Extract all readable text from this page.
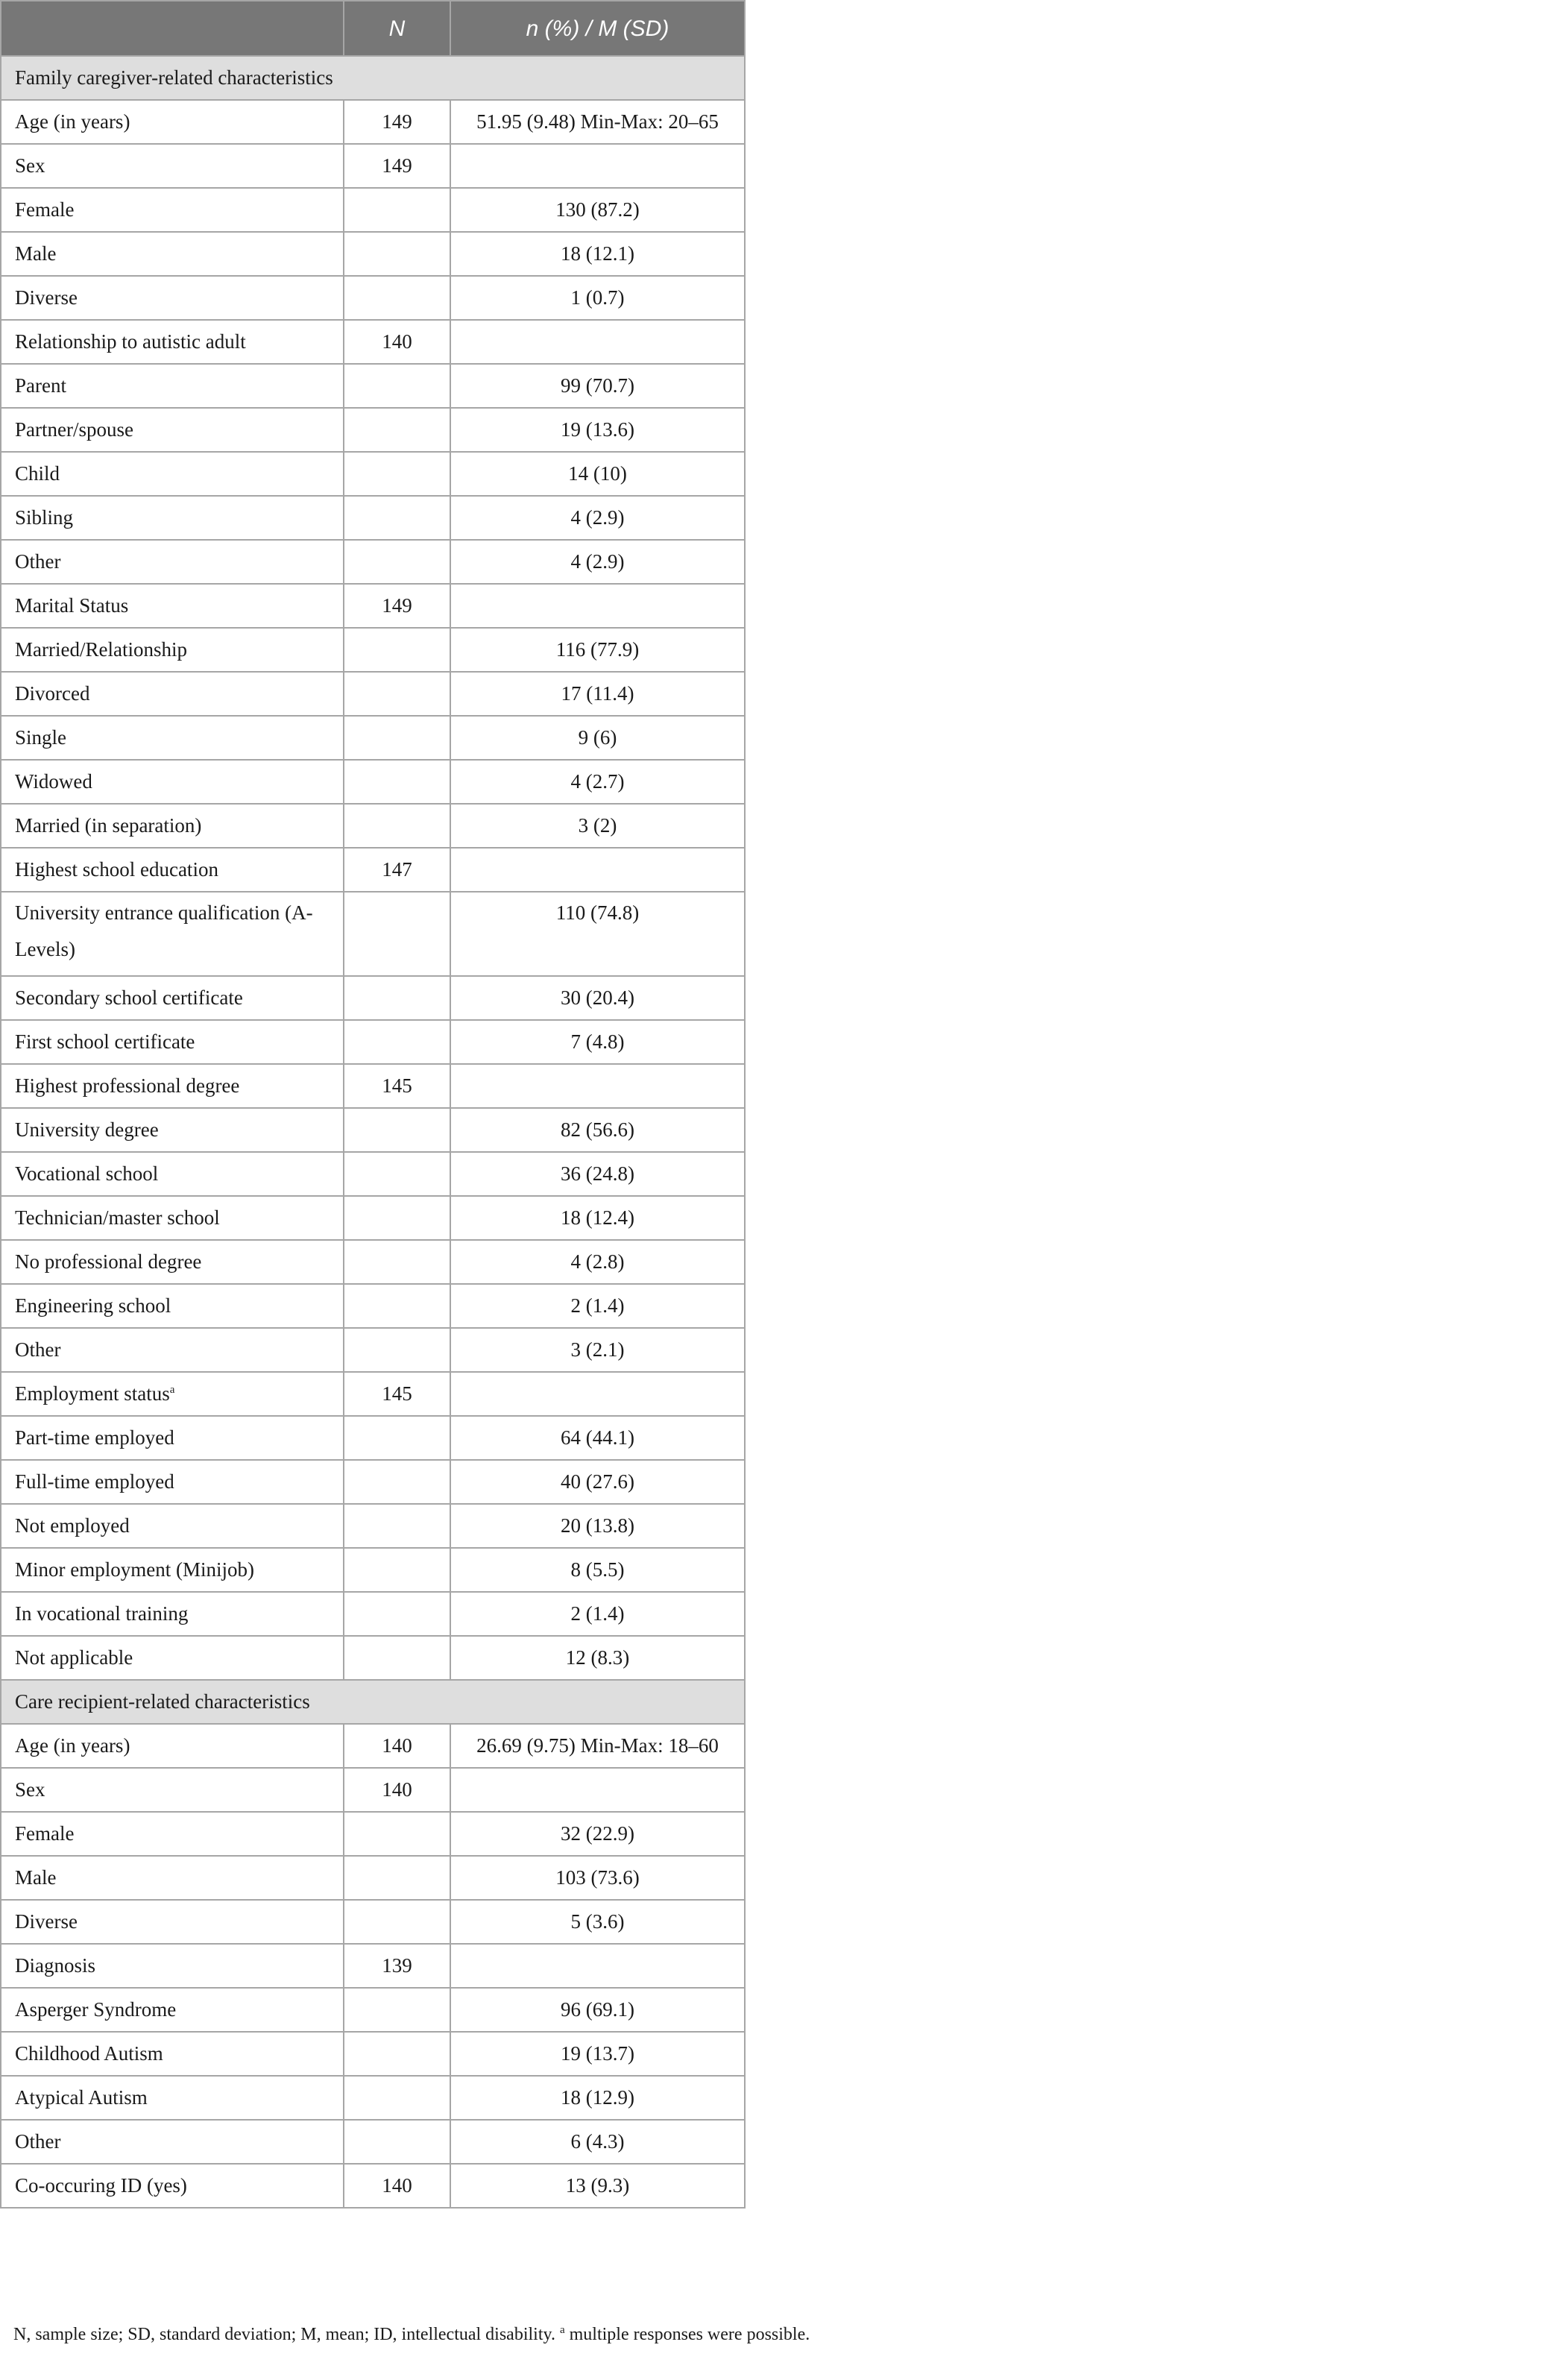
	N	n (%) / M (SD)
Family caregiver-related characteristics		
Age (in years)	149	51.95 (9.48) Min-Max: 20–65
Sex	149	
Female		130 (87.2)
Male		18 (12.1)
Diverse		1 (0.7)
Relationship to autistic adult	140	
Parent		99 (70.7)
Partner/spouse		19 (13.6)
Child		14 (10)
Sibling		4 (2.9)
Other		4 (2.9)
Marital Status	149	
Married/Relationship		116 (77.9)
Divorced		17 (11.4)
Single		9 (6)
Widowed		4 (2.7)
Married (in separation)		3 (2)
Highest school education	147	
University entrance qualification (A-Levels)		110 (74.8)
Secondary school certificate		30 (20.4)
First school certificate		7 (4.8)
Highest professional degree	145	
University degree		82 (56.6)
Vocational school		36 (24.8)
Technician/master school		18 (12.4)
No professional degree		4 (2.8)
Engineering school		2 (1.4)
Other		3 (2.1)
Employment status$^a$	145	
Part-time employed		64 (44.1)
Full-time employed		40 (27.6)
Not employed		20 (13.8)
Minor employment (Minijob)		8 (5.5)
In vocational training		2 (1.4)
Not applicable		12 (8.3)
Care recipient-related characteristics		
Age (in years)	140	26.69 (9.75) Min-Max: 18–60
Sex	140	
Female		32 (22.9)
Male		103 (73.6)
Diverse		5 (3.6)
Diagnosis	139	
Asperger Syndrome		96 (69.1)
Childhood Autism		19 (13.7)
Atypical Autism		18 (12.9)
Other		6 (4.3)
Co-occuring ID (yes)	140	13 (9.3)
N, sample size; SD, standard deviation; M, mean; ID, intellectual disability. $^a$ multiple responses were possible.
